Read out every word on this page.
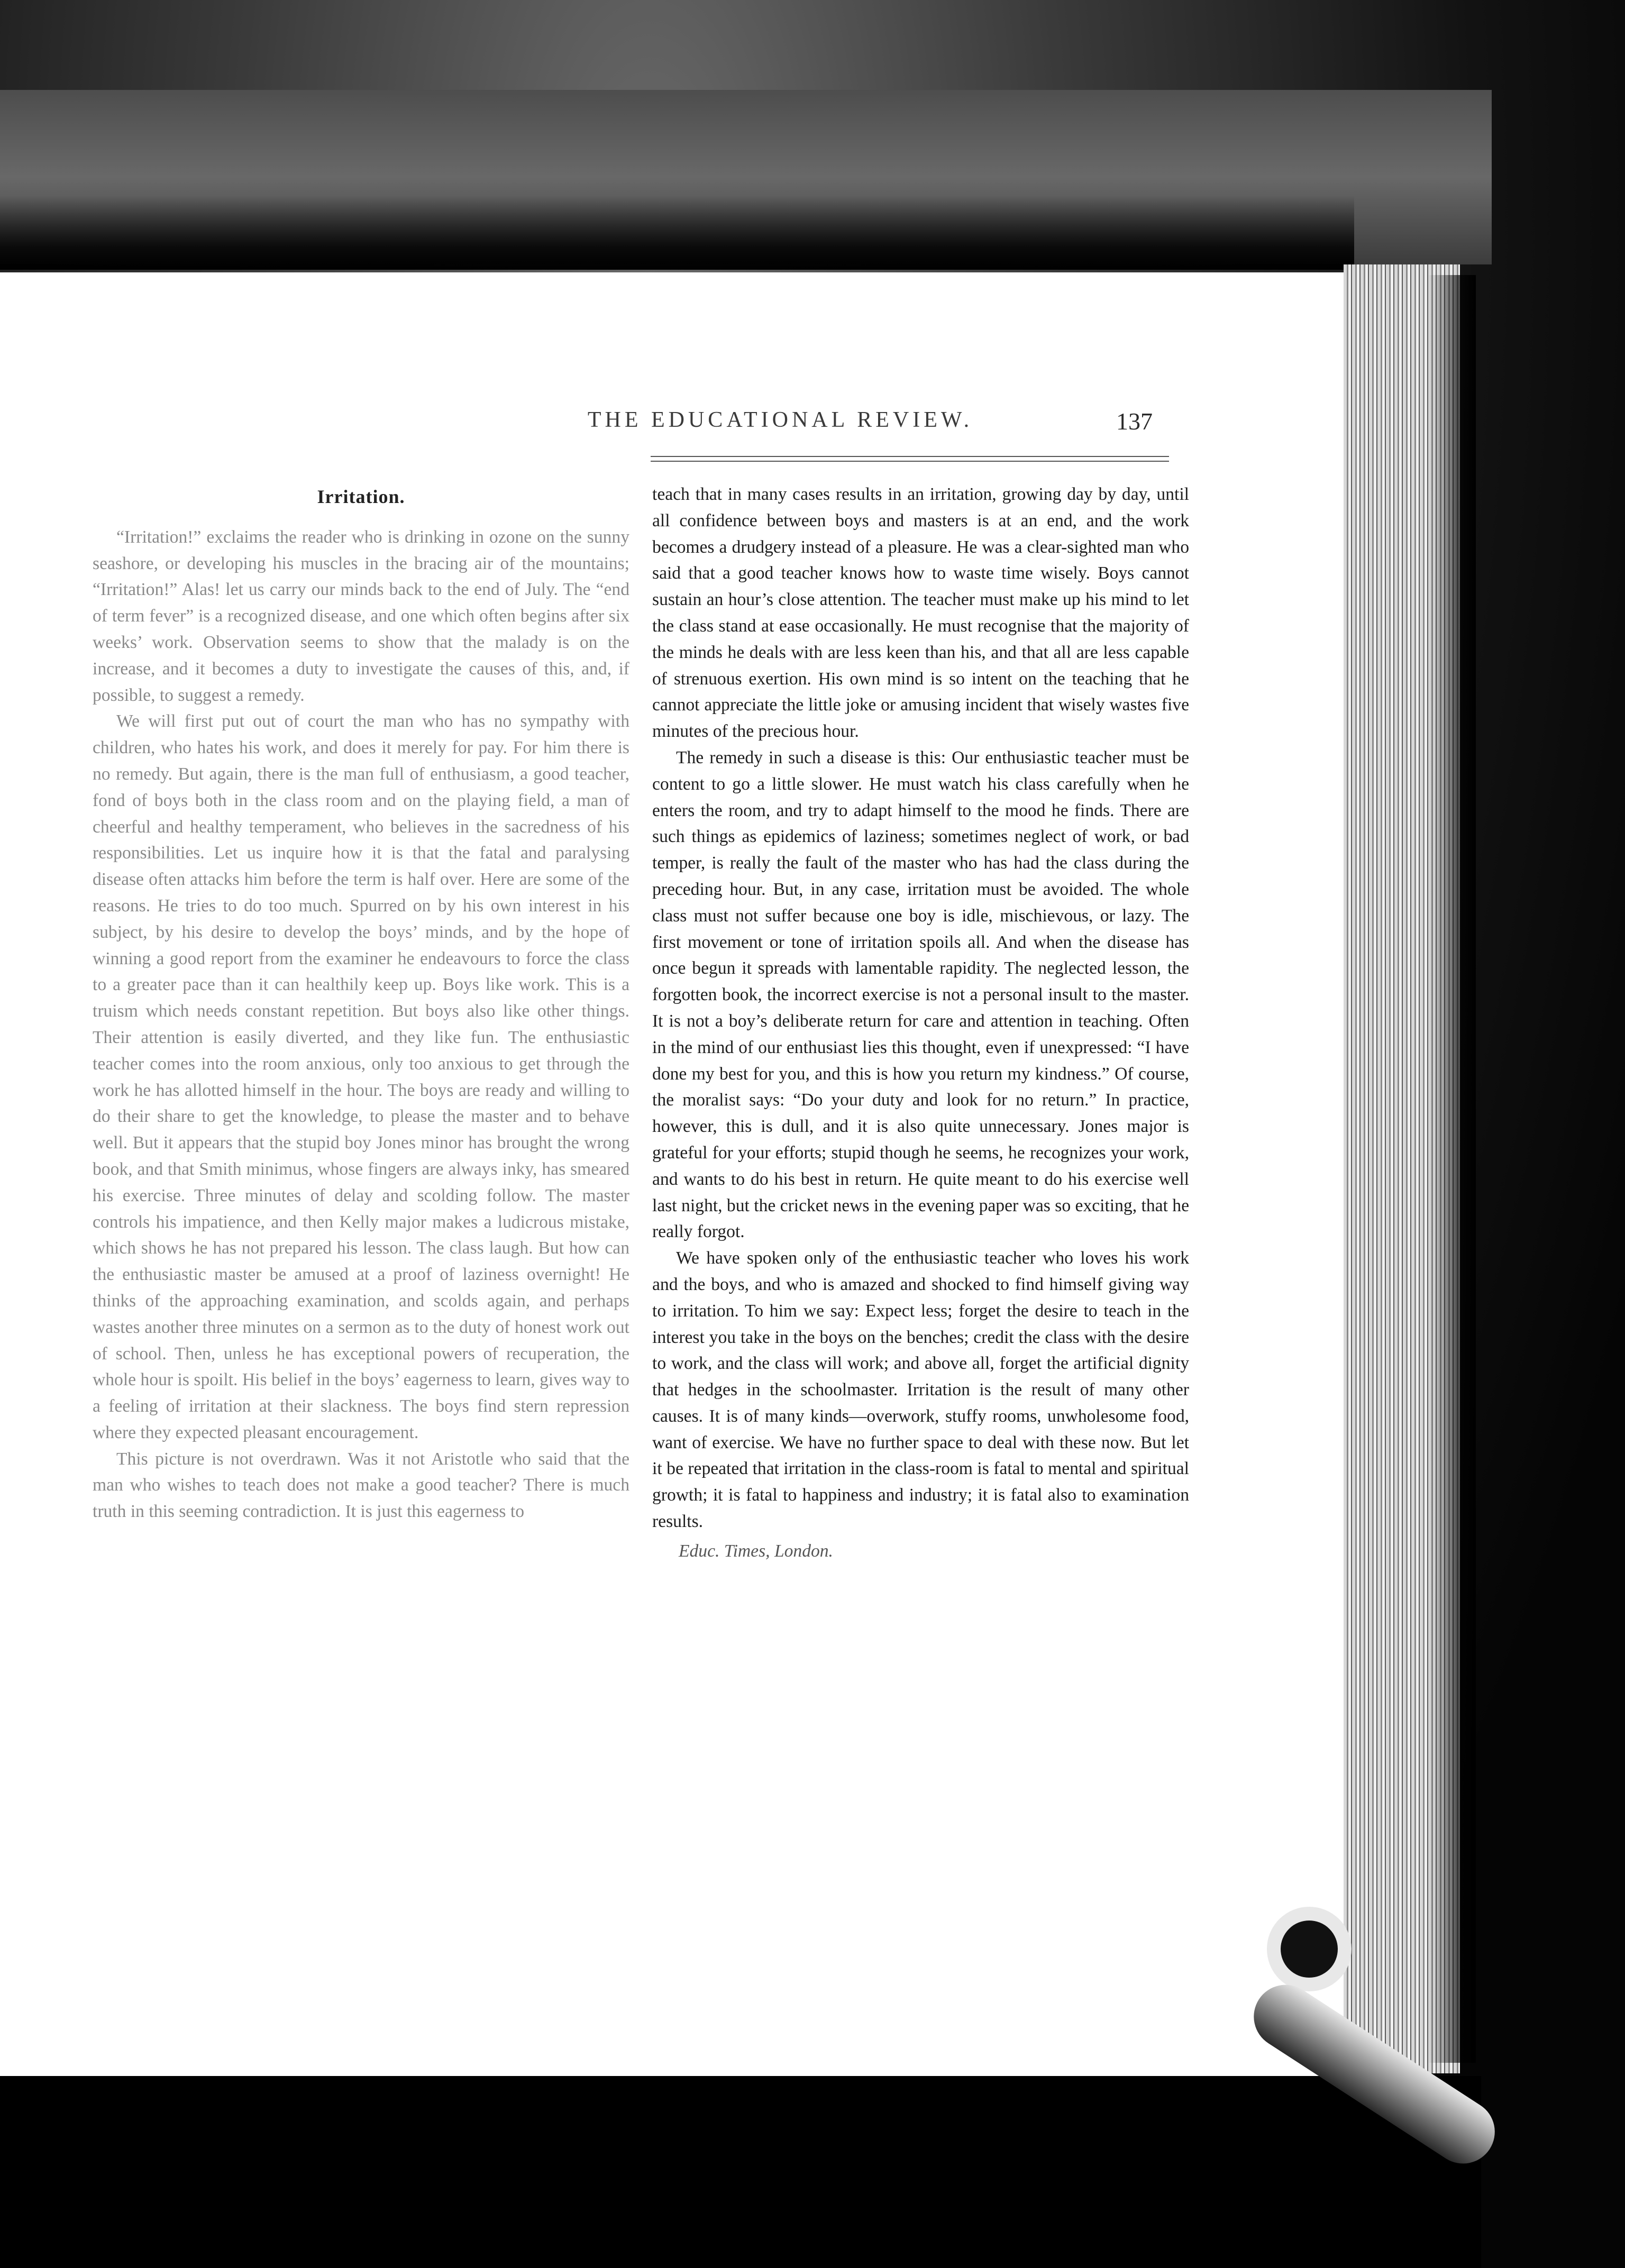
THE EDUCATIONAL REVIEW.	137
Irritation.

“Irritation!” exclaims the reader who is drinking in ozone on the sunny seashore, or developing his muscles in the bracing air of the mountains; “Irritation!” Alas! let us carry our minds back to the end of July. The “end of term fever” is a recognized disease, and one which often begins after six weeks’ work. Observation seems to show that the malady is on the increase, and it becomes a duty to investigate the causes of this, and, if possible, to suggest a remedy.

We will first put out of court the man who has no sympathy with children, who hates his work, and does it merely for pay. For him there is no remedy. But again, there is the man full of enthusiasm, a good teacher, fond of boys both in the class room and on the playing field, a man of cheerful and healthy temperament, who believes in the sacredness of his responsibilities. Let us inquire how it is that the fatal and paralysing disease often attacks him before the term is half over. Here are some of the reasons. He tries to do too much. Spurred on by his own interest in his subject, by his desire to develop the boys’ minds, and by the hope of winning a good report from the examiner he endeavours to force the class to a greater pace than it can healthily keep up. Boys like work. This is a truism which needs constant repetition. But boys also like other things. Their attention is easily diverted, and they like fun. The enthusiastic teacher comes into the room anxious, only too anxious to get through the work he has allotted himself in the hour. The boys are ready and willing to do their share to get the knowledge, to please the master and to behave well. But it appears that the stupid boy Jones minor has brought the wrong book, and that Smith minimus, whose fingers are always inky, has smeared his exercise. Three minutes of delay and scolding follow. The master controls his impatience, and then Kelly major makes a ludicrous mistake, which shows he has not prepared his lesson. The class laugh. But how can the enthusiastic master be amused at a proof of laziness overnight! He thinks of the approaching examination, and scolds again, and perhaps wastes another three minutes on a sermon as to the duty of honest work out of school. Then, unless he has exceptional powers of recuperation, the whole hour is spoilt. His belief in the boys’ eagerness to learn, gives way to a feeling of irritation at their slackness. The boys find stern repression where they expected pleasant encouragement.

This picture is not overdrawn. Was it not Aristotle who said that the man who wishes to teach does not make a good teacher? There is much truth in this seeming contradiction. It is just this eagerness to

teach that in many cases results in an irritation, growing day by day, until all confidence between boys and masters is at an end, and the work becomes a drudgery instead of a pleasure. He was a clear-sighted man who said that a good teacher knows how to waste time wisely. Boys cannot sustain an hour’s close attention. The teacher must make up his mind to let the class stand at ease occasionally. He must recognise that the majority of the minds he deals with are less keen than his, and that all are less capable of strenuous exertion. His own mind is so intent on the teaching that he cannot appreciate the little joke or amusing incident that wisely wastes five minutes of the precious hour.

The remedy in such a disease is this: Our enthusiastic teacher must be content to go a little slower. He must watch his class carefully when he enters the room, and try to adapt himself to the mood he finds. There are such things as epidemics of laziness; sometimes neglect of work, or bad temper, is really the fault of the master who has had the class during the preceding hour. But, in any case, irritation must be avoided. The whole class must not suffer because one boy is idle, mischievous, or lazy. The first movement or tone of irritation spoils all. And when the disease has once begun it spreads with lamentable rapidity. The neglected lesson, the forgotten book, the incorrect exercise is not a personal insult to the master. It is not a boy’s deliberate return for care and attention in teaching. Often in the mind of our enthusiast lies this thought, even if unexpressed: “I have done my best for you, and this is how you return my kindness.” Of course, the moralist says: “Do your duty and look for no return.” In practice, however, this is dull, and it is also quite unnecessary. Jones major is grateful for your efforts; stupid though he seems, he recognizes your work, and wants to do his best in return. He quite meant to do his exercise well last night, but the cricket news in the evening paper was so exciting, that he really forgot.

We have spoken only of the enthusiastic teacher who loves his work and the boys, and who is amazed and shocked to find himself giving way to irritation. To him we say: Expect less; forget the desire to teach in the interest you take in the boys on the benches; credit the class with the desire to work, and the class will work; and above all, forget the artificial dignity that hedges in the schoolmaster. Irritation is the result of many other causes. It is of many kinds—overwork, stuffy rooms, unwholesome food, want of exercise. We have no further space to deal with these now. But let it be repeated that irritation in the class-room is fatal to mental and spiritual growth; it is fatal to happiness and industry; it is fatal also to examination results.

Educ. Times, London.
